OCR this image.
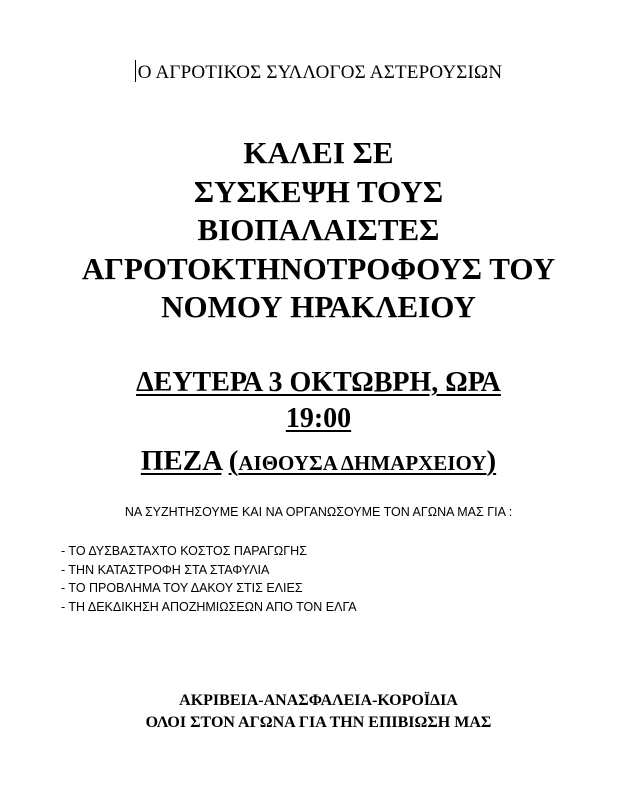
Ο ΑΓΡΟΤΙΚΟΣ ΣΥΛΛΟΓΟΣ ΑΣΤΕΡΟΥΣΙΩΝ
ΚΑΛΕΙ ΣΕ
ΣΥΣΚΕΨΗ ΤΟΥΣ
ΒΙΟΠΑΛΑΙΣΤΕΣ
ΑΓΡΟΤΟΚΤΗΝΟΤΡΟΦΟΥΣ ΤΟΥ
ΝΟΜΟΥ ΗΡΑΚΛΕΙΟΥ
ΔΕΥΤΕΡΑ 3 ΟΚΤΩΒΡΗ, ΩΡΑ
19:00
ΠΕΖΑ (ΑΙΘΟΥΣΑ ΔΗΜΑΡΧΕΙΟΥ)
ΝΑ ΣΥΖΗΤΗΣΟΥΜΕ ΚΑΙ ΝΑ ΟΡΓΑΝΩΣΟΥΜΕ ΤΟΝ ΑΓΩΝΑ ΜΑΣ ΓΙΑ :
- ΤΟ ΔΥΣΒΑΣΤΑΧΤΟ ΚΟΣΤΟΣ ΠΑΡΑΓΩΓΗΣ
- ΤΗΝ ΚΑΤΑΣΤΡΟΦΗ ΣΤΑ ΣΤΑΦΥΛΙΑ
- ΤΟ ΠΡΟΒΛΗΜΑ ΤΟΥ ΔΑΚΟΥ ΣΤΙΣ ΕΛΙΕΣ
- ΤΗ ΔΕΚΔΙΚΗΣΗ ΑΠΟΖΗΜΙΩΣΕΩΝ ΑΠΟ ΤΟΝ ΕΛΓΑ
ΑΚΡΙΒΕΙΑ-ΑΝΑΣΦΑΛΕΙΑ-ΚΟΡΟΪΔΙΑ
ΟΛΟΙ ΣΤΟΝ ΑΓΩΝΑ ΓΙΑ ΤΗΝ ΕΠΙΒΙΩΣΗ ΜΑΣ
